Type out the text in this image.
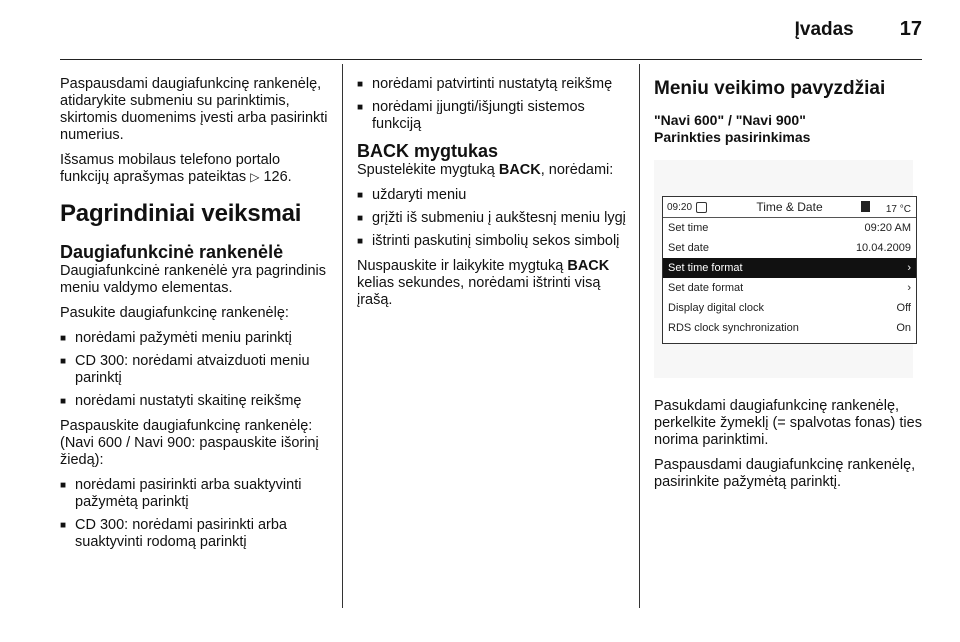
Įvadas 17

Paspausdami daugiafunkcinę rankenėlę, atidarykite submeniu su parinktimis, skirtomis duomenims įvesti arba pasirinkti numerius.

Išsamus mobilaus telefono portalo funkcijų aprašymas pateiktas ▷ 126.

Pagrindiniai veiksmai
Daugiafunkcinė rankenėlė

Daugiafunkcinė rankenėlė yra pagrindinis meniu valdymo elementas.

Pasukite daugiafunkcinę rankenėlę:

■ norėdami pažymėti meniu parinktį
■ CD 300: norėdami atvaizduoti meniu parinktį
■ norėdami nustatyti skaitinę reikšmę

Paspauskite daugiafunkcinę rankenėlę: (Navi 600 / Navi 900: paspauskite išorinį žiedą):

■ norėdami pasirinkti arba suaktyvinti pažymėtą parinktį
■ CD 300: norėdami pasirinkti arba suaktyvinti rodomą parinktį
■ norėdami patvirtinti nustatytą reikšmę
■ norėdami įjungti/išjungti sistemos funkciją
BACK mygtukas

Spustelėkite mygtuką BACK, norėdami:

■ uždaryti meniu
■ grįžti iš submeniu į aukštesnį meniu lygį
■ ištrinti paskutinį simbolių sekos simbolį

Nuspauskite ir laikykite mygtuką BACK kelias sekundes, norėdami ištrinti visą įrašą.

Meniu veikimo pavyzdžiai
"Navi 600" / "Navi 900"
Parinkties pasirinkimas
09:20	Time & Date	17 °C
Set time	09:20 AM
Set date	10.04.2009
Set time format	›
Set date format	›
Display digital clock	Off
RDS clock synchronization	On

Pasukdami daugiafunkcinę rankenėlę, perkelkite žymeklį (= spalvotas fonas) ties norima parinktimi.

Paspausdami daugiafunkcinę rankenėlę, pasirinkite pažymėtą parinktį.
